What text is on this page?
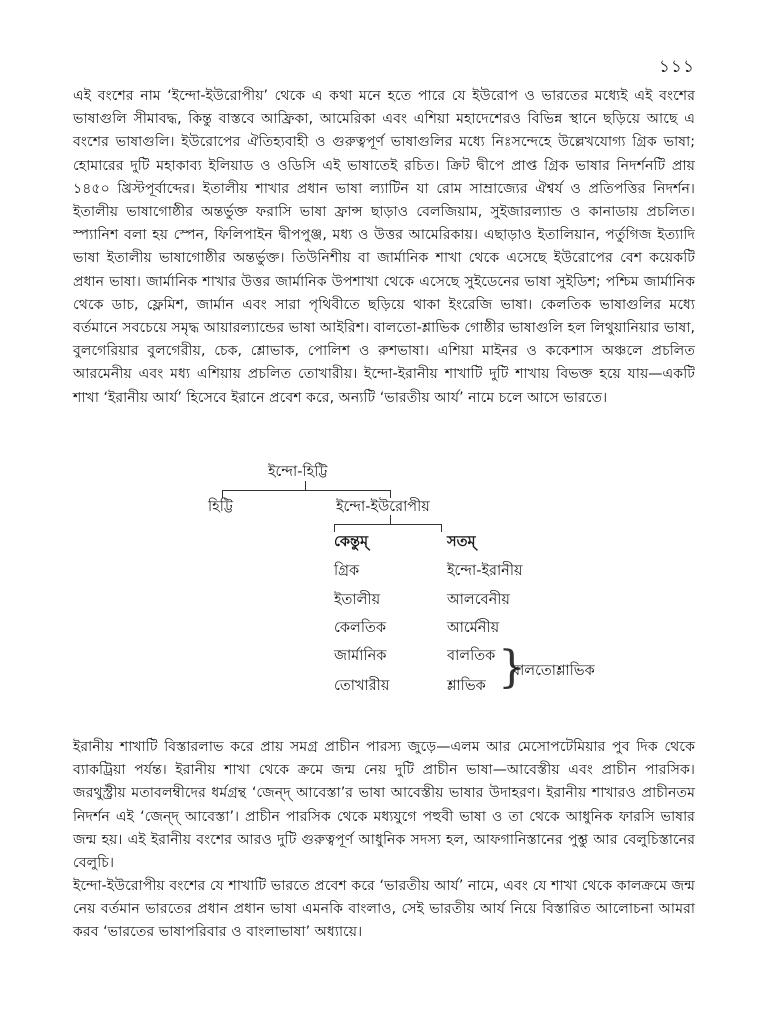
১১১

এই বংশের নাম ‘ইন্দো-ইউরোপীয়’ থেকে এ কথা মনে হতে পারে যে ইউরোপ ও ভারতের মধ্যেই এই বংশের ভাষাগুলি সীমাবদ্ধ, কিন্তু বাস্তবে আফ্রিকা, আমেরিকা এবং এশিয়া মহাদেশেরও বিভিন্ন স্থানে ছড়িয়ে আছে এ বংশের ভাষাগুলি। ইউরোপের ঐতিহ্যবাহী ও গুরুত্বপূর্ণ ভাষাগুলির মধ্যে নিঃসন্দেহে উল্লেখযোগ্য গ্রিক ভাষা; হোমারের দুটি মহাকাব্য ইলিয়াড ও ওডিসি এই ভাষাতেই রচিত। ক্রিট দ্বীপে প্রাপ্ত গ্রিক ভাষার নিদর্শনটি প্রায় ১৪৫০ খ্রিস্টপূর্বাব্দের। ইতালীয় শাখার প্রধান ভাষা ল্যাটিন যা রোম সাম্রাজ্যের ঐশ্বর্য ও প্রতিপত্তির নিদর্শন। ইতালীয় ভাষাগোষ্ঠীর অন্তর্ভুক্ত ফরাসি ভাষা ফ্রান্স ছাড়াও বেলজিয়াম, সুইজারল্যান্ড ও কানাডায় প্রচলিত। স্প্যানিশ বলা হয় স্পেন, ফিলিপাইন দ্বীপপুঞ্জ, মধ্য ও উত্তর আমেরিকায়। এছাড়াও ইতালিয়ান, পর্তুগিজ ইত্যাদি ভাষা ইতালীয় ভাষাগোষ্ঠীর অন্তর্ভুক্ত। তিউনিশীয় বা জার্মানিক শাখা থেকে এসেছে ইউরোপের বেশ কয়েকটি প্রধান ভাষা। জার্মানিক শাখার উত্তর জার্মানিক উপশাখা থেকে এসেছে সুইডেনের ভাষা সুইডিশ; পশ্চিম জার্মানিক থেকে ডাচ, ফ্লেমিশ, জার্মান এবং সারা পৃথিবীতে ছড়িয়ে থাকা ইংরেজি ভাষা। কেলতিক ভাষাগুলির মধ্যে বর্তমানে সবচেয়ে সমৃদ্ধ আয়ারল্যান্ডের ভাষা আইরিশ। বালতো-শ্লাভিক গোষ্ঠীর ভাষাগুলি হল লিথুয়ানিয়ার ভাষা, বুলগেরিয়ার বুলগেরীয়, চেক, শ্লোভাক, পোলিশ ও রুশভাষা। এশিয়া মাইনর ও ককেশাস অঞ্চলে প্রচলিত আরমেনীয় এবং মধ্য এশিয়ায় প্রচলিত তোখারীয়। ইন্দো-ইরানীয় শাখাটি দুটি শাখায় বিভক্ত হয়ে যায়—একটি শাখা ‘ইরানীয় আর্য’ হিসেবে ইরানে প্রবেশ করে, অন্যটি ‘ভারতীয় আর্য’ নামে চলে আসে ভারতে।

ইন্দো-হিট্টি
হিট্টি	ইন্দো-ইউরোপীয়
কেন্তুম্	সতম্
গ্রিক
ইতালীয়
কেলতিক
জার্মানিক
তোখারীয়
ইন্দো-ইরানীয়
আলবেনীয়
আর্মেনীয়
বালতিক
শ্লাভিক }
বালতোশ্লাভিক

ইরানীয় শাখাটি বিস্তারলাভ করে প্রায় সমগ্র প্রাচীন পারস্য জুড়ে—এলম আর মেসোপটেমিয়ার পুব দিক থেকে ব্যাকট্রিয়া পর্যন্ত। ইরানীয় শাখা থেকে ক্রমে জন্ম নেয় দুটি প্রাচীন ভাষা—আবেস্তীয় এবং প্রাচীন পারসিক। জরথুস্ট্রীয় মতাবলম্বীদের ধর্মগ্রন্থ ‘জেন্দ্ আবেস্তা’র ভাষা আবেস্তীয় ভাষার উদাহরণ। ইরানীয় শাখারও প্রাচীনতম নিদর্শন এই ‘জেন্দ্ আবেস্তা’। প্রাচীন পারসিক থেকে মধ্যযুগে পহুবী ভাষা ও তা থেকে আধুনিক ফারসি ভাষার জন্ম হয়। এই ইরানীয় বংশের আরও দুটি গুরুত্বপূর্ণ আধুনিক সদস্য হল, আফগানিস্তানের পুশ্তু আর বেলুচিস্তানের বেলুচি।

ইন্দো-ইউরোপীয় বংশের যে শাখাটি ভারতে প্রবেশ করে ‘ভারতীয় আর্য’ নামে, এবং যে শাখা থেকে কালক্রমে জন্ম নেয় বর্তমান ভারতের প্রধান প্রধান ভাষা এমনকি বাংলাও, সেই ভারতীয় আর্য নিয়ে বিস্তারিত আলোচনা আমরা করব ‘ভারতের ভাষাপরিবার ও বাংলাভাষা’ অধ্যায়ে।
